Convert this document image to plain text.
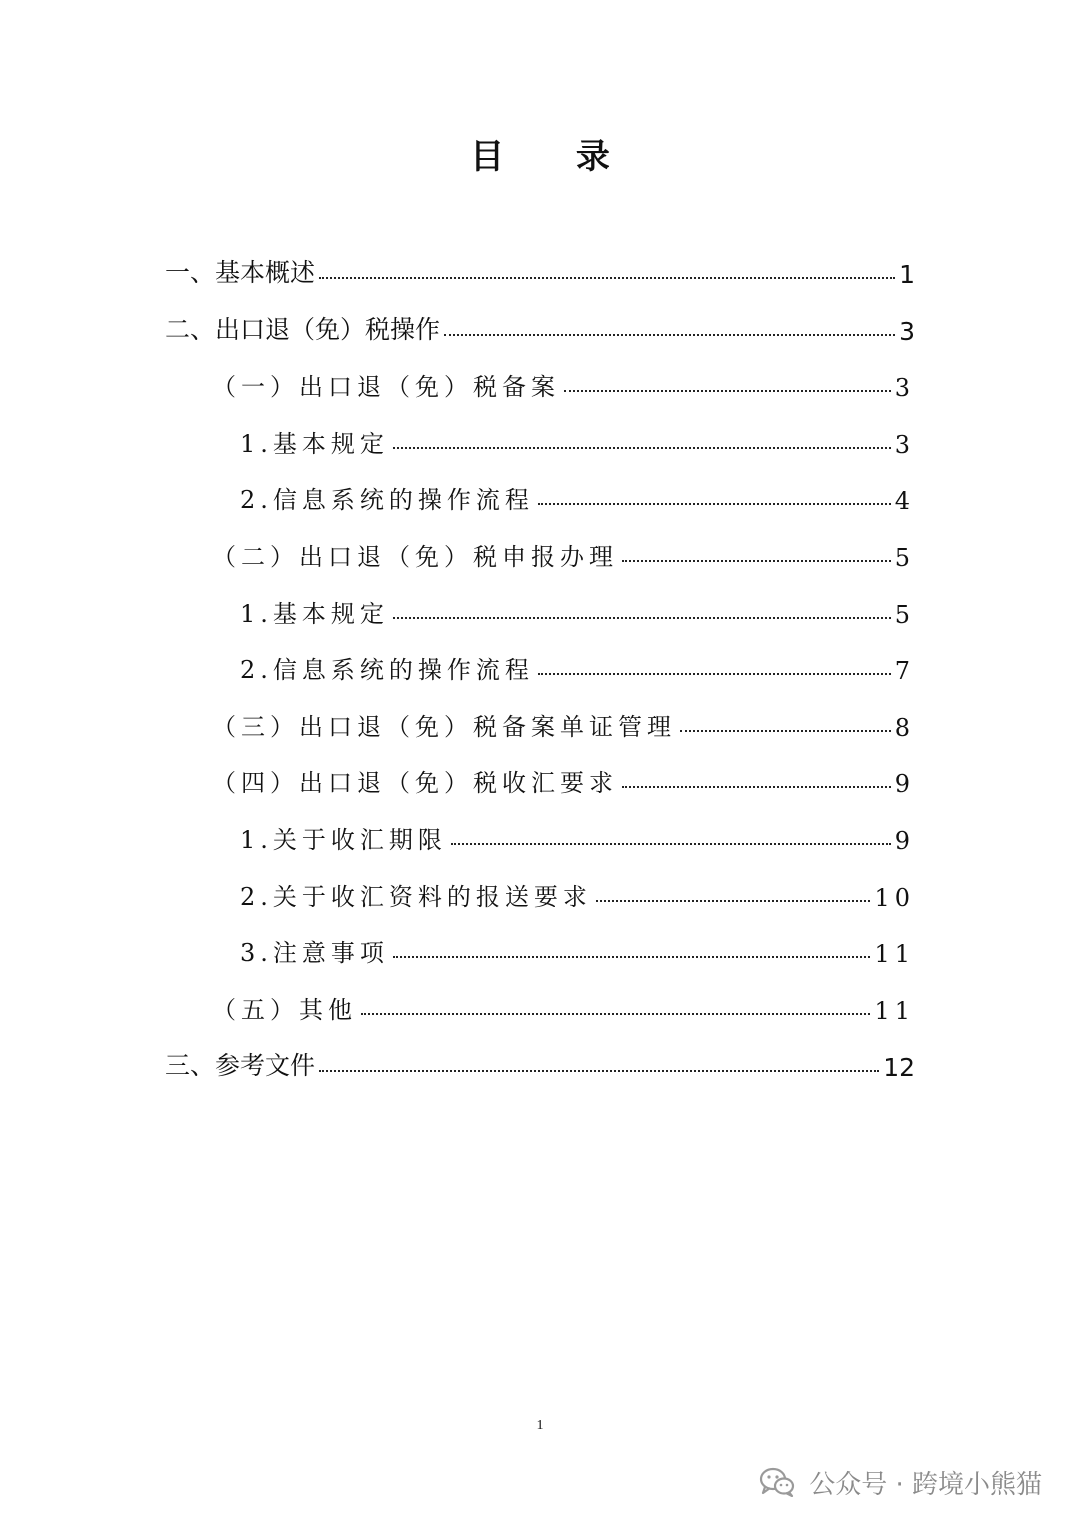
目 录
一、基本概述	1
二、出口退（免）税操作	3
（一）出口退（免）税备案	3
1.基本规定	3
2.信息系统的操作流程	4
（二）出口退（免）税申报办理	5
1.基本规定	5
2.信息系统的操作流程	7
（三）出口退（免）税备案单证管理	8
（四）出口退（免）税收汇要求	9
1.关于收汇期限	9
2.关于收汇资料的报送要求	10
3.注意事项	11
（五）其他	11
三、参考文件	12
1
公众号 · 跨境小熊猫
